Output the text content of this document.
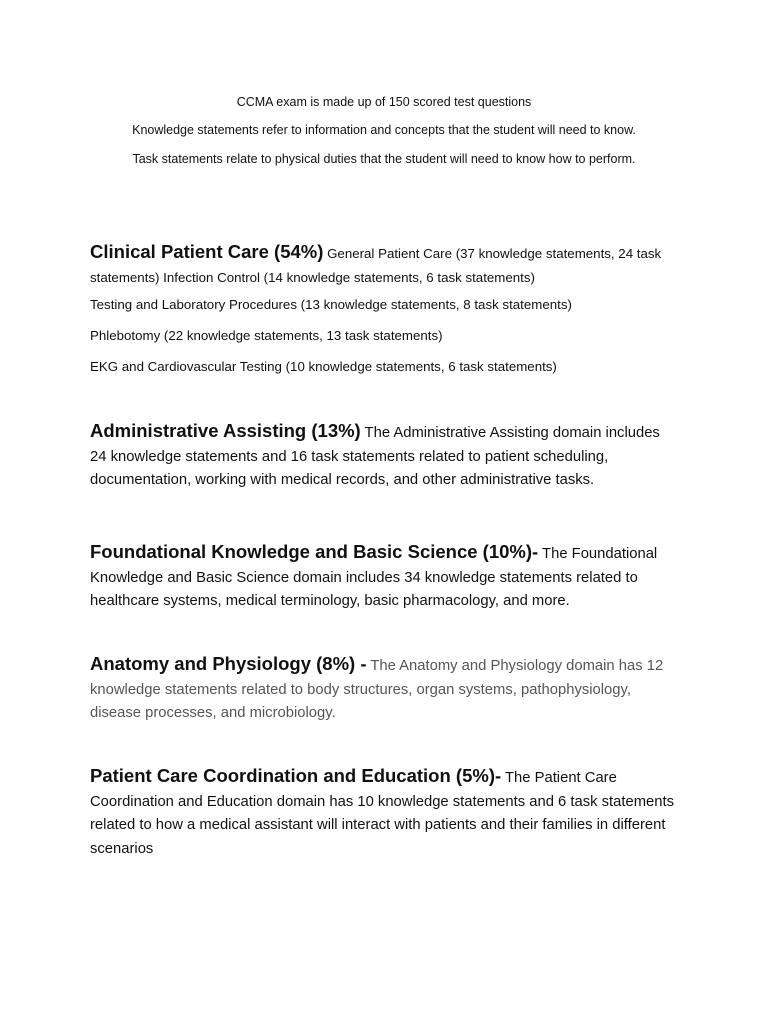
CCMA exam is made up of 150 scored test questions
Knowledge statements refer to information and concepts that the student will need to know.
Task statements relate to physical duties that the student will need to know how to perform.
Clinical Patient Care (54%) General Patient Care (37 knowledge statements, 24 task statements) Infection Control (14 knowledge statements, 6 task statements)
Testing and Laboratory Procedures (13 knowledge statements, 8 task statements)
Phlebotomy (22 knowledge statements, 13 task statements)
EKG and Cardiovascular Testing (10 knowledge statements, 6 task statements)
Administrative Assisting (13%) The Administrative Assisting domain includes 24 knowledge statements and 16 task statements related to patient scheduling, documentation, working with medical records, and other administrative tasks.
Foundational Knowledge and Basic Science (10%)- The Foundational Knowledge and Basic Science domain includes 34 knowledge statements related to healthcare systems, medical terminology, basic pharmacology, and more.
Anatomy and Physiology (8%) - The Anatomy and Physiology domain has 12 knowledge statements related to body structures, organ systems, pathophysiology, disease processes, and microbiology.
Patient Care Coordination and Education (5%)- The Patient Care Coordination and Education domain has 10 knowledge statements and 6 task statements related to how a medical assistant will interact with patients and their families in different scenarios
